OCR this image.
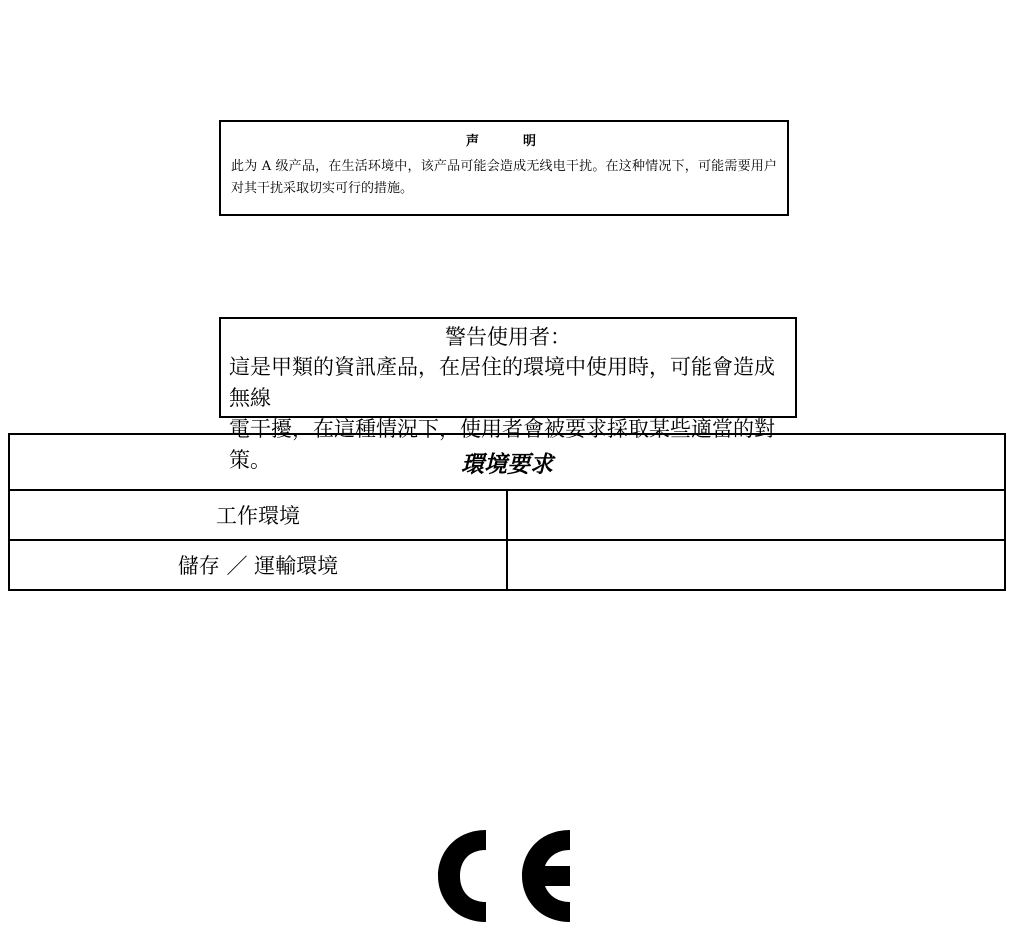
声　　明
此为 A 级产品，在生活环境中，该产品可能会造成无线电干扰。在这种情况下，可能需要用户对其干扰采取切实可行的措施。
警告使用者：
這是甲類的資訊產品，在居住的環境中使用時，可能會造成無線
電干擾，在這種情況下，使用者會被要求採取某些適當的對策。	環境要求	
工作環境	
儲存 ／ 運輸環境	
